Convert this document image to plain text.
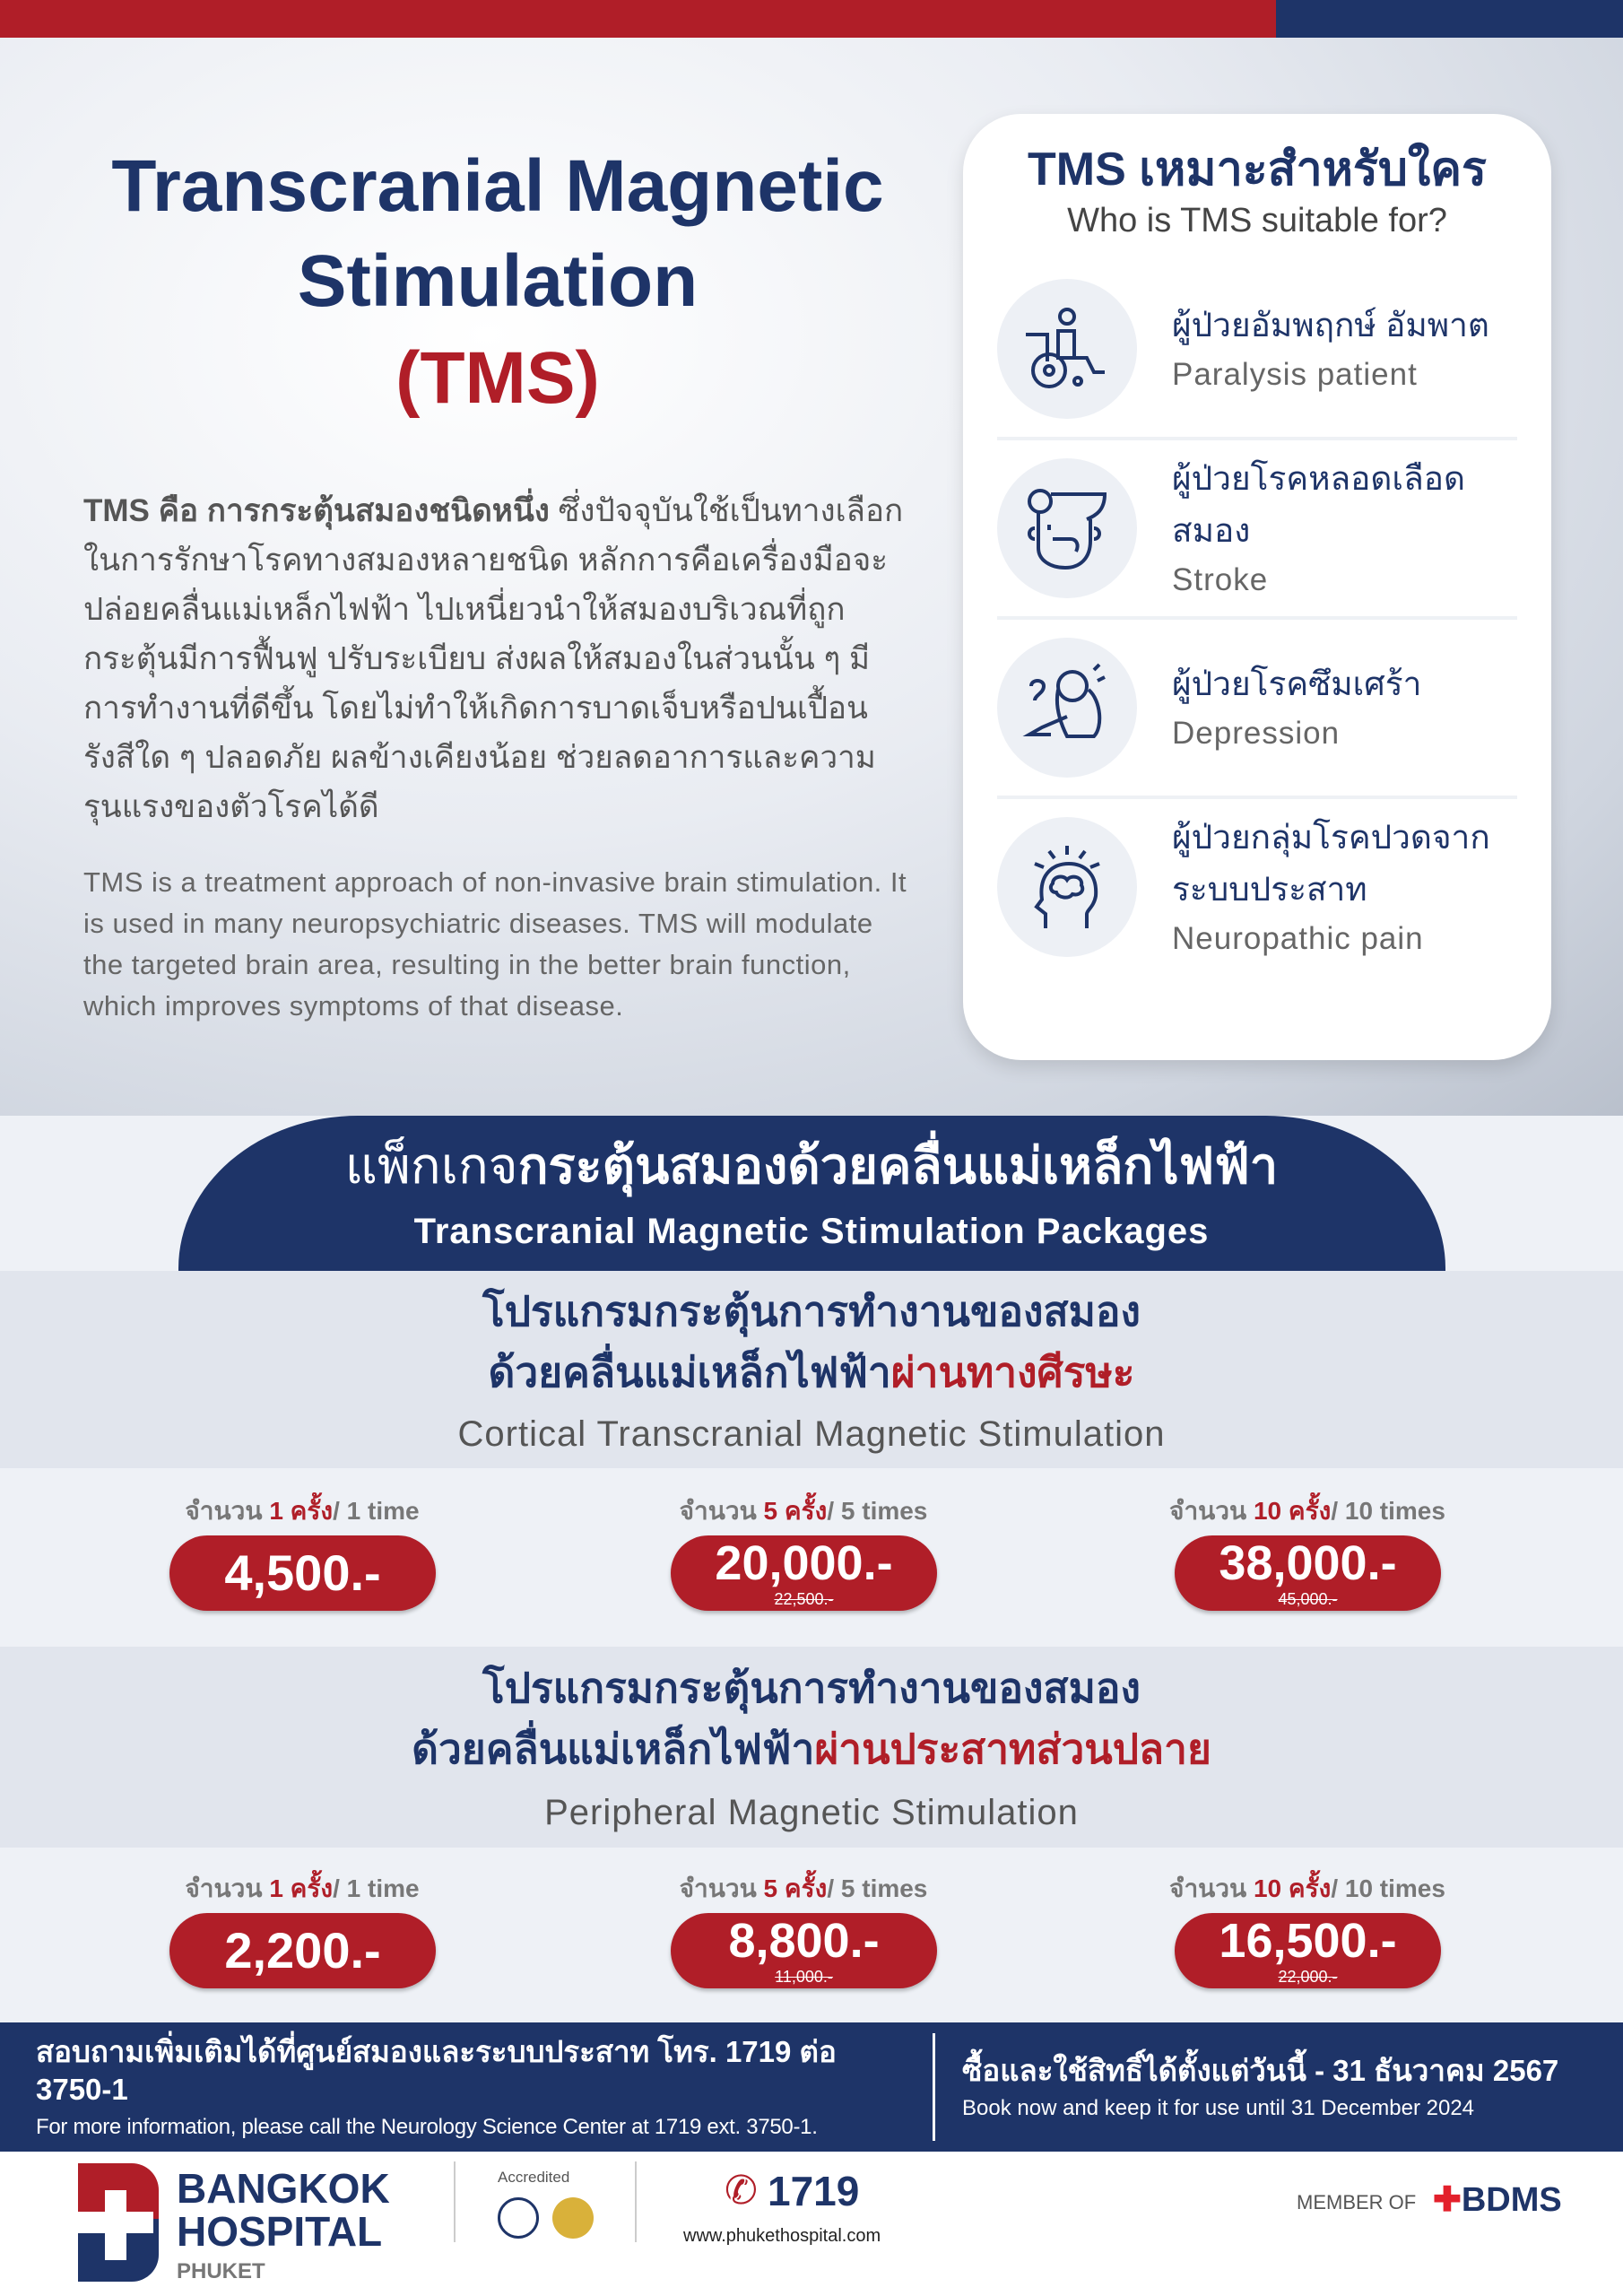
Transcranial Magnetic
Stimulation
(TMS)
TMS คือ การกระตุ้นสมองชนิดหนึ่ง ซึ่งปัจจุบันใช้เป็นทางเลือกในการรักษาโรคทางสมองหลายชนิด หลักการคือเครื่องมือจะปล่อยคลื่นแม่เหล็กไฟฟ้า ไปเหนี่ยวนำให้สมองบริเวณที่ถูกกระตุ้นมีการฟื้นฟู ปรับระเบียบ ส่งผลให้สมองในส่วนนั้น ๆ มีการทำงานที่ดีขึ้น โดยไม่ทำให้เกิดการบาดเจ็บหรือปนเปื้อนรังสีใด ๆ ปลอดภัย ผลข้างเคียงน้อย ช่วยลดอาการและความรุนแรงของตัวโรคได้ดี
TMS is a treatment approach of non-invasive brain stimulation. It is used in many neuropsychiatric diseases. TMS will modulate the targeted brain area, resulting in the better brain function, which improves symptoms of that disease.
TMS เหมาะสำหรับใคร
Who is TMS suitable for?
ผู้ป่วยอัมพฤกษ์ อัมพาต
Paralysis patient
ผู้ป่วยโรคหลอดเลือดสมอง
Stroke
ผู้ป่วยโรคซึมเศร้า
Depression
ผู้ป่วยกลุ่มโรคปวดจากระบบประสาท
Neuropathic pain
แพ็กเกจกระตุ้นสมองด้วยคลื่นแม่เหล็กไฟฟ้า
Transcranial Magnetic Stimulation Packages
โปรแกรมกระตุ้นการทำงานของสมอง
ด้วยคลื่นแม่เหล็กไฟฟ้าผ่านทางศีรษะ
Cortical Transcranial Magnetic Stimulation
โปรแกรมกระตุ้นการทำงานของสมอง
ด้วยคลื่นแม่เหล็กไฟฟ้าผ่านประสาทส่วนปลาย
Peripheral Magnetic Stimulation
จำนวน 1 ครั้ง/ 1 time
4,500.-
จำนวน 5 ครั้ง/ 5 times
20,000.-
22,500.-
จำนวน 10 ครั้ง/ 10 times
38,000.-
45,000.-
จำนวน 1 ครั้ง/ 1 time
2,200.-
จำนวน 5 ครั้ง/ 5 times
8,800.-
11,000.-
จำนวน 10 ครั้ง/ 10 times
16,500.-
22,000.-
BANGKOK
HOSPITAL
PHUKET
Accredited	✆ 1719
www.phukethospital.com
MEMBER OF ✚BDMS
สอบถามเพิ่มเติมได้ที่ศูนย์สมองและระบบประสาท โทร. 1719 ต่อ 3750-1
For more information, please call the Neurology Science Center at 1719 ext. 3750-1.
ซื้อและใช้สิทธิ์ได้ตั้งแต่วันนี้ - 31 ธันวาคม 2567
Book now and keep it for use until 31 December 2024
